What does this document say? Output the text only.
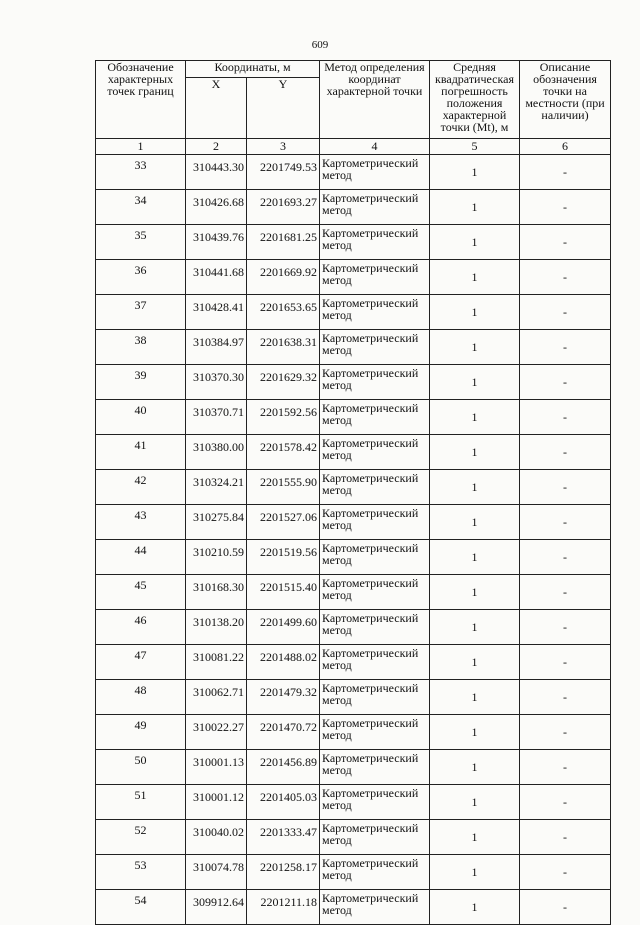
609
Обозначение характерных точек границ	Координаты, м		Метод определения координат характерной точки	Средняя квадратическая погрешность положения характерной точки (Mt), м	Описание обозначения точки на местности (при наличии)
	X	Y			
1	2	3	4	5	6
33	310443.30	2201749.53	Картометрический метод	1	-
34	310426.68	2201693.27	Картометрический метод	1	-
35	310439.76	2201681.25	Картометрический метод	1	-
36	310441.68	2201669.92	Картометрический метод	1	-
37	310428.41	2201653.65	Картометрический метод	1	-
38	310384.97	2201638.31	Картометрический метод	1	-
39	310370.30	2201629.32	Картометрический метод	1	-
40	310370.71	2201592.56	Картометрический метод	1	-
41	310380.00	2201578.42	Картометрический метод	1	-
42	310324.21	2201555.90	Картометрический метод	1	-
43	310275.84	2201527.06	Картометрический метод	1	-
44	310210.59	2201519.56	Картометрический метод	1	-
45	310168.30	2201515.40	Картометрический метод	1	-
46	310138.20	2201499.60	Картометрический метод	1	-
47	310081.22	2201488.02	Картометрический метод	1	-
48	310062.71	2201479.32	Картометрический метод	1	-
49	310022.27	2201470.72	Картометрический метод	1	-
50	310001.13	2201456.89	Картометрический метод	1	-
51	310001.12	2201405.03	Картометрический метод	1	-
52	310040.02	2201333.47	Картометрический метод	1	-
53	310074.78	2201258.17	Картометрический метод	1	-
54	309912.64	2201211.18	Картометрический метод	1	-
